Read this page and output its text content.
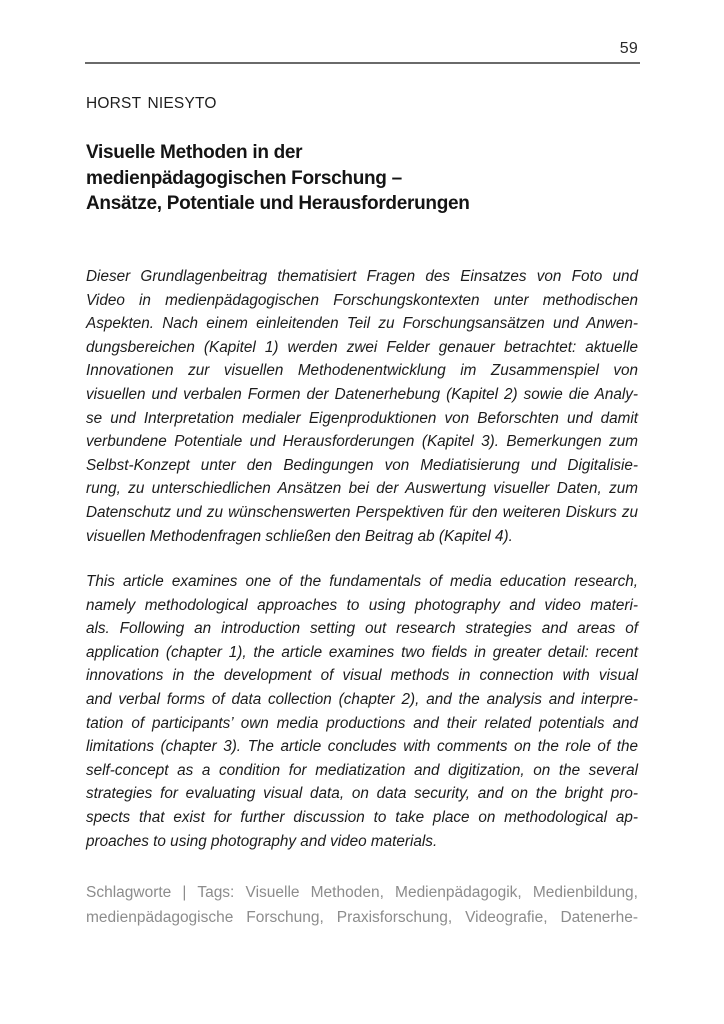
59
HORST NIESYTO
Visuelle Methoden in der
medienpädagogischen Forschung –
Ansätze, Potentiale und Herausforderungen
Dieser Grundlagenbeitrag thematisiert Fragen des Einsatzes von Foto und
Video in medienpädagogischen Forschungskontexten unter methodischen
Aspekten. Nach einem einleitenden Teil zu Forschungsansätzen und Anwen-
dungsbereichen (Kapitel 1) werden zwei Felder genauer betrachtet: aktuelle
Innovationen zur visuellen Methodenentwicklung im Zusammenspiel von
visuellen und verbalen Formen der Datenerhebung (Kapitel 2) sowie die Analy-
se und Interpretation medialer Eigenproduktionen von Beforschten und damit
verbundene Potentiale und Herausforderungen (Kapitel 3). Bemerkungen zum
Selbst-Konzept unter den Bedingungen von Mediatisierung und Digitalisie-
rung, zu unterschiedlichen Ansätzen bei der Auswertung visueller Daten, zum
Datenschutz und zu wünschenswerten Perspektiven für den weiteren Diskurs zu
visuellen Methodenfragen schließen den Beitrag ab (Kapitel 4).
This article examines one of the fundamentals of media education research,
namely methodological approaches to using photography and video materi-
als. Following an introduction setting out research strategies and areas of
application (chapter 1), the article examines two fields in greater detail: recent
innovations in the development of visual methods in connection with visual
and verbal forms of data collection (chapter 2), and the analysis and interpre-
tation of participants’ own media productions and their related potentials and
limitations (chapter 3). The article concludes with comments on the role of the
self-concept as a condition for mediatization and digitization, on the several
strategies for evaluating visual data, on data security, and on the bright pro-
spects that exist for further discussion to take place on methodological ap-
proaches to using photography and video materials.
Schlagworte | Tags: Visuelle Methoden, Medienpädagogik, Medienbildung,
medienpädagogische Forschung, Praxisforschung, Videografie, Datenerhe-
